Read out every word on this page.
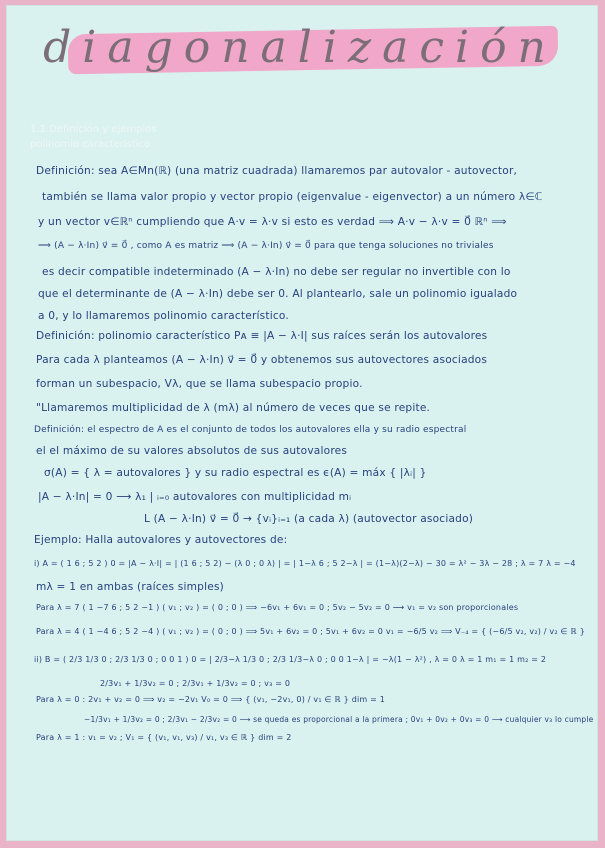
diagonalización
1.1 Definición y ejemplos
polinomio característico
Definición: sea A∈Mn(ℝ) (una matriz cuadrada) llamaremos par autovalor - autovector,
también se llama valor propio y vector propio (eigenvalue - eigenvector) a un número λ∈ℂ
y un vector v∈ℝⁿ cumpliendo que A·v = λ·v si esto es verdad ⟹ A·v − λ·v = 0⃗ ℝⁿ ⟹
⟹ (A − λ·In) v⃗ = 0⃗ , como A es matriz ⟹ (A − λ·In) v⃗ = 0⃗ para que tenga soluciones no triviales
es decir compatible indeterminado (A − λ·In) no debe ser regular no invertible con lo
que el determinante de (A − λ·In) debe ser 0. Al plantearlo, sale un polinomio igualado
a 0, y lo llamaremos polinomio característico.
Definición: polinomio característico Pᴀ ≡ |A − λ·I| sus raíces serán los autovalores
Para cada λ planteamos (A − λ·In) v⃗ = 0⃗ y obtenemos sus autovectores asociados
forman un subespacio, Vλ, que se llama subespacio propio.
"Llamaremos multiplicidad de λ (mλ) al número de veces que se repite.
Definición: el espectro de A es el conjunto de todos los autovalores ella y su radio espectral
el el máximo de su valores absolutos de sus autovalores
σ(A) = { λ = autovalores } y su radio espectral es ϵ(A) = máx { |λᵢ| }
|A − λ·In| = 0 ⟶ λ₁ | ᵢ₌₀ autovalores con multiplicidad mᵢ
L (A − λ·In) v⃗ = 0⃗ → {vᵢ}ᵢ₌₁ (a cada λ) (autovector asociado)
Ejemplo: Halla autovalores y autovectores de:
i) A = ( 1 6 ; 5 2 ) 0 = |A − λ·I| = | (1 6 ; 5 2) − (λ 0 ; 0 λ) | = | 1−λ 6 ; 5 2−λ | = (1−λ)(2−λ) − 30 = λ² − 3λ − 28 ; λ = 7 λ = −4
mλ = 1 en ambas (raíces simples)
Para λ = 7 ( 1 −7 6 ; 5 2 −1 ) ( v₁ ; v₂ ) = ( 0 ; 0 ) ⟹ −6v₁ + 6v₁ = 0 ; 5v₂ − 5v₂ = 0 ⟶ v₁ = v₂ son proporcionales
Para λ = 4 ( 1 −4 6 ; 5 2 −4 ) ( v₁ ; v₂ ) = ( 0 ; 0 ) ⟹ 5v₁ + 6v₂ = 0 ; 5v₁ + 6v₂ = 0 v₁ = −6/5 v₂ ⟹ V₋₄ = { (−6/5 v₂, v₂) / v₂ ∈ ℝ }
ii) B = ( 2/3 1/3 0 ; 2/3 1/3 0 ; 0 0 1 ) 0 = | 2/3−λ 1/3 0 ; 2/3 1/3−λ 0 ; 0 0 1−λ | = −λ(1 − λ²) , λ = 0 λ = 1 m₁ = 1 m₂ = 2
2/3v₁ + 1/3v₂ = 0 ; 2/3v₁ + 1/3v₂ = 0 ; v₃ = 0
Para λ = 0 : 2v₁ + v₂ = 0 ⟹ v₂ = −2v₁ V₀ = 0 ⟹ { (v₁, −2v₁, 0) / v₁ ∈ ℝ } dim = 1
−1/3v₁ + 1/3v₂ = 0 ; 2/3v₁ − 2/3v₂ = 0 ⟶ se queda es proporcional a la primera ; 0v₁ + 0v₂ + 0v₃ = 0 ⟶ cualquier v₃ lo cumple
Para λ = 1 : v₁ = v₂ ; V₁ = { (v₁, v₁, v₃) / v₁, v₃ ∈ ℝ } dim = 2
